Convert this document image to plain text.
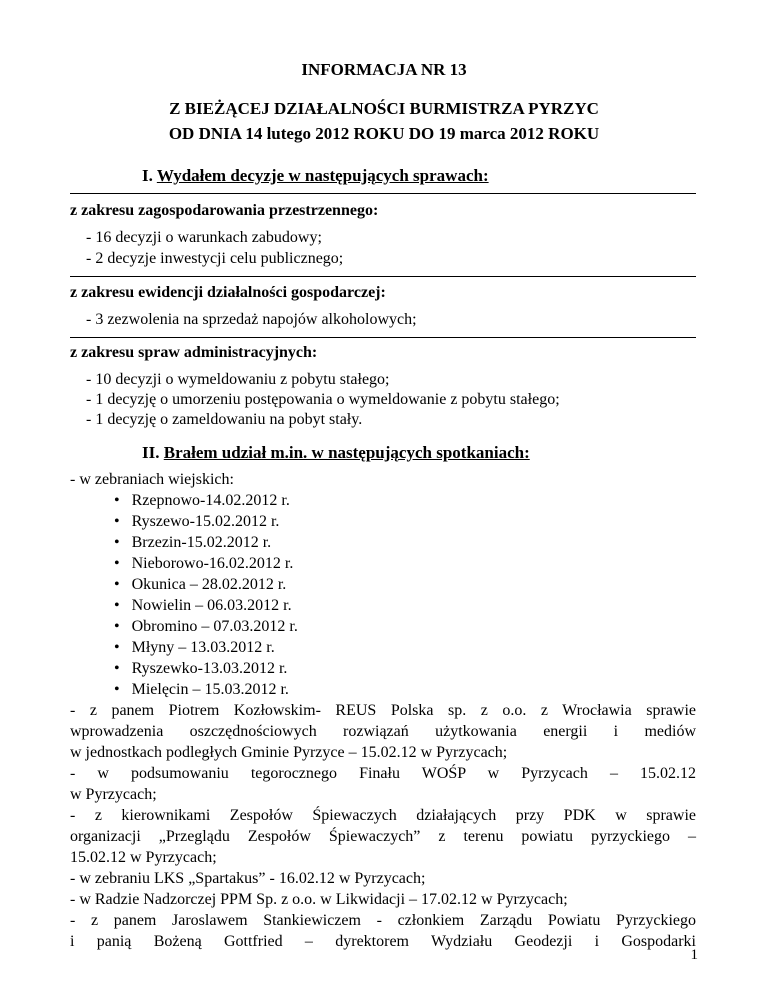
INFORMACJA NR 13
Z BIEŻĄCEJ DZIAŁALNOŚCI BURMISTRZA PYRZYC
OD DNIA 14 lutego 2012 ROKU DO 19 marca 2012 ROKU
I. Wydałem decyzje w następujących sprawach:
z zakresu zagospodarowania przestrzennego:
- 16 decyzji o warunkach zabudowy;
- 2 decyzje inwestycji celu publicznego;
z zakresu ewidencji działalności gospodarczej:
- 3 zezwolenia na sprzedaż napojów alkoholowych;
z zakresu spraw administracyjnych:
- 10 decyzji o wymeldowaniu z pobytu stałego;
- 1 decyzję o umorzeniu postępowania o wymeldowanie z pobytu stałego;
- 1 decyzję o zameldowaniu na pobyt stały.
II. Brałem udział m.in. w następujących spotkaniach:
- w zebraniach wiejskich:
• Rzepnowo-14.02.2012 r.
• Ryszewo-15.02.2012 r.
• Brzezin-15.02.2012 r.
• Nieborowo-16.02.2012 r.
• Okunica – 28.02.2012 r.
• Nowielin – 06.03.2012 r.
• Obromino – 07.03.2012 r.
• Młyny – 13.03.2012 r.
• Ryszewko-13.03.2012 r.
• Mielęcin – 15.03.2012 r.
- z panem Piotrem Kozłowskim- REUS Polska sp. z o.o. z Wrocławia sprawie
wprowadzenia oszczędnościowych rozwiązań użytkowania energii i mediów
w jednostkach podległych Gminie Pyrzyce – 15.02.12 w Pyrzycach;
- w podsumowaniu tegorocznego Finału WOŚP w Pyrzycach – 15.02.12
w Pyrzycach;
- z kierownikami Zespołów Śpiewaczych działających przy PDK w sprawie
organizacji „Przeglądu Zespołów Śpiewaczych” z terenu powiatu pyrzyckiego –
15.02.12 w Pyrzycach;
- w zebraniu LKS „Spartakus” - 16.02.12 w Pyrzycach;
- w Radzie Nadzorczej PPM Sp. z o.o. w Likwidacji – 17.02.12 w Pyrzycach;
- z panem Jaroslawem Stankiewiczem - członkiem Zarządu Powiatu Pyrzyckiego
i panią Bożeną Gottfried – dyrektorem Wydziału Geodezji i Gospodarki
1
